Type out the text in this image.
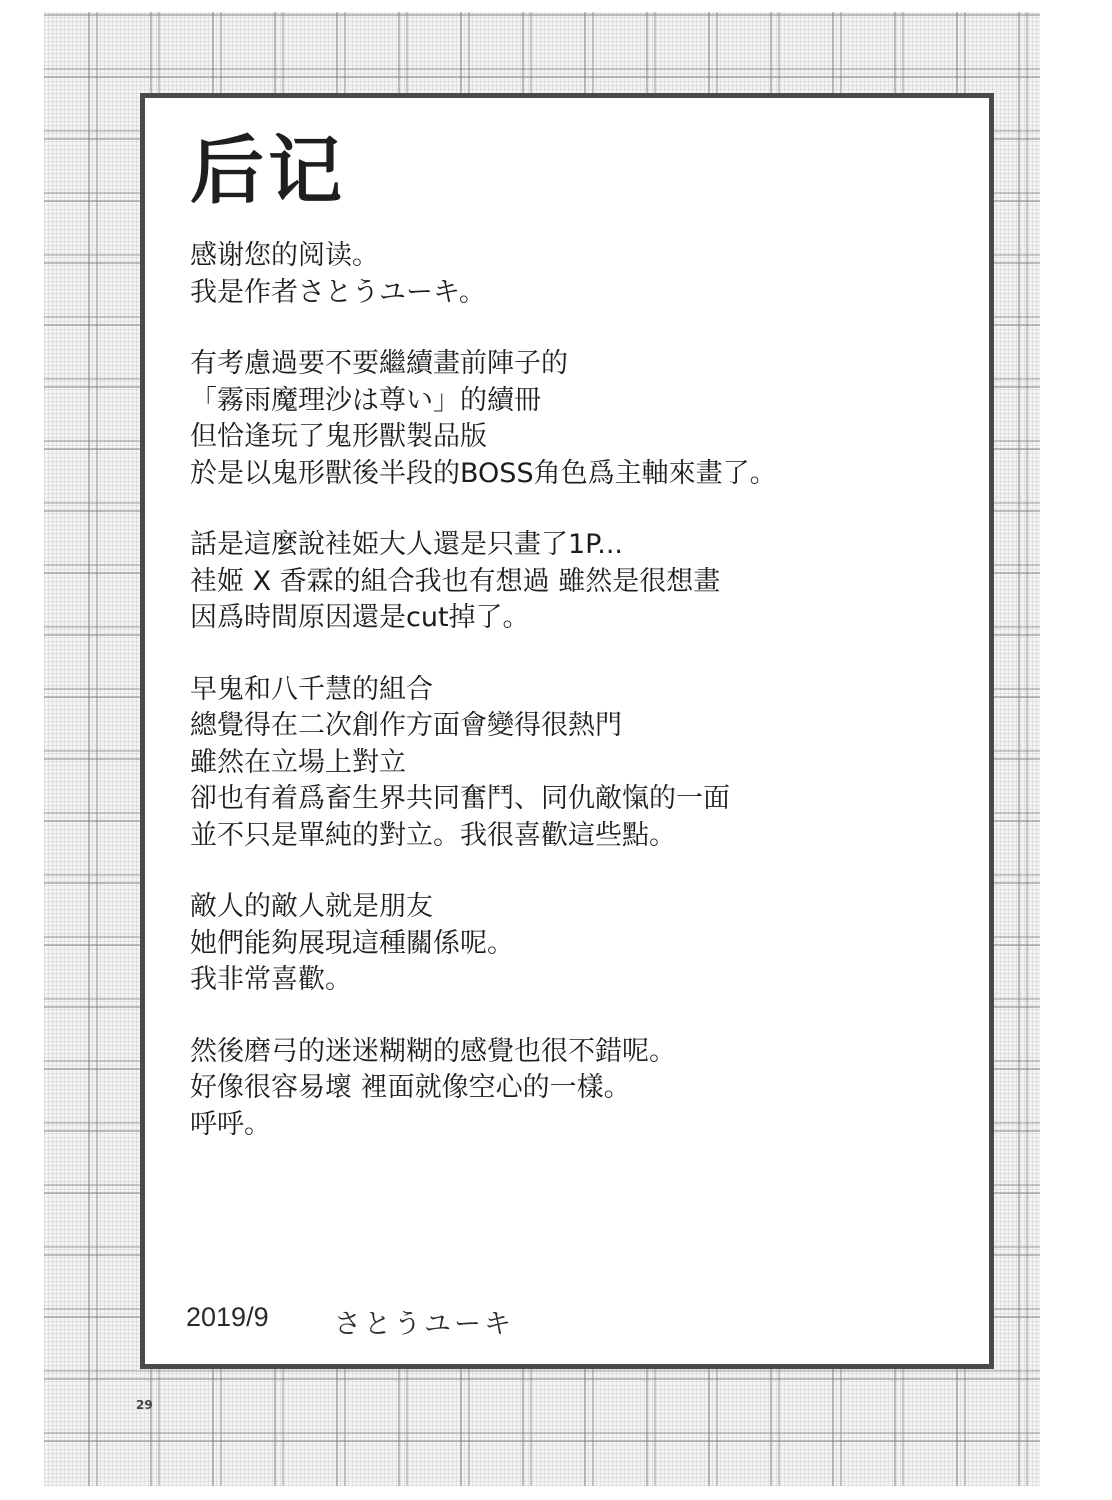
后记
感谢您的阅读。
我是作者さとうユーキ。
有考慮過要不要繼續畫前陣子的
「霧雨魔理沙は尊い」的續冊
但恰逢玩了鬼形獸製品版
於是以鬼形獸後半段的BOSS角色爲主軸來畫了。
話是這麼說袿姫大人還是只畫了1P...
袿姬 X 香霖的組合我也有想過 雖然是很想畫
因爲時間原因還是cut掉了。
早鬼和八千慧的組合
總覺得在二次創作方面會變得很熱門
雖然在立場上對立
卻也有着爲畜生界共同奮鬥、同仇敵愾的一面
並不只是單純的對立。我很喜歡這些點。
敵人的敵人就是朋友
她們能夠展現這種關係呢。
我非常喜歡。
然後磨弓的迷迷糊糊的感覺也很不錯呢。
好像很容易壞 裡面就像空心的一樣。
呼呼。
2019/9 さとうユーキ
29
